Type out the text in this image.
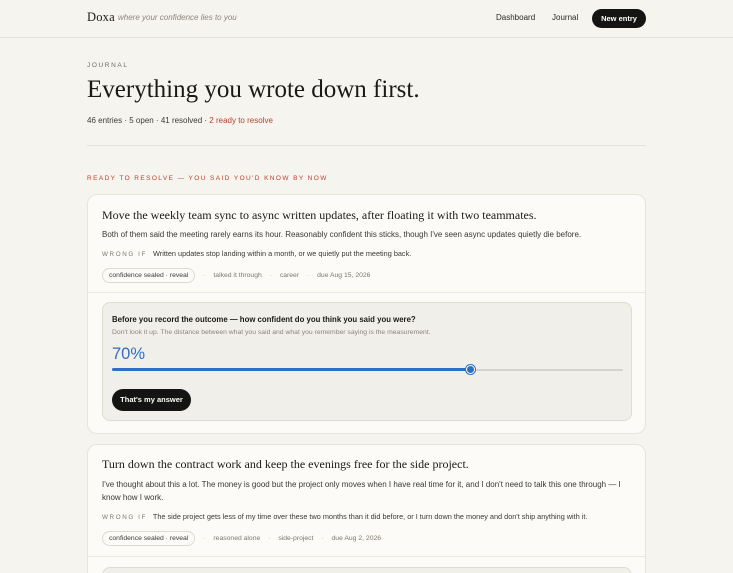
Doxa where your confidence lies to you	Dashboard Journal	New entry
JOURNAL
Everything you wrote down first.
46 entries · 5 open · 41 resolved · 2 ready to resolve
READY TO RESOLVE — YOU SAID YOU'D KNOW BY NOW
Move the weekly team sync to async written updates, after floating it with two teammates.
Both of them said the meeting rarely earns its hour. Reasonably confident this sticks, though I've seen async updates quietly die before.
WRONG IF Written updates stop landing within a month, or we quietly put the meeting back.
confidence sealed · reveal · talked it through · career · due Aug 15, 2026
Before you record the outcome — how confident do you think you said you were?
Don't look it up. The distance between what you said and what you remember saying is the measurement.
70%
That's my answer
Turn down the contract work and keep the evenings free for the side project.
I've thought about this a lot. The money is good but the project only moves when I have real time for it, and I don't need to talk this one through — I know how I work.
WRONG IF The side project gets less of my time over these two months than it did before, or I turn down the money and don't ship anything with it.
confidence sealed · reveal · reasoned alone · side-project · due Aug 2, 2026
